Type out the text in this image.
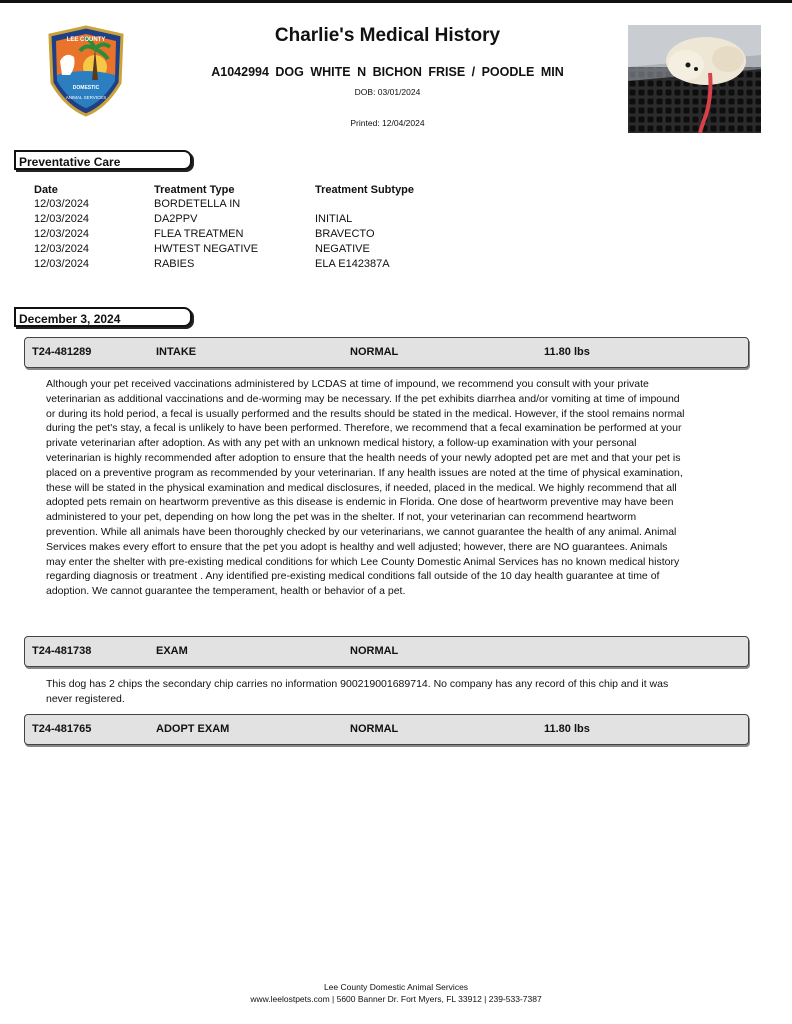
LEE COUNTY
DOMESTIC
ANIMAL SERVICES
Charlie's Medical History
A1042994 DOG WHITE N BICHON FRISE / POODLE MIN
DOB: 03/01/2024
Printed: 12/04/2024
Preventative Care
Date	Treatment Type	Treatment Subtype
12/03/2024	BORDETELLA IN
12/03/2024	DA2PPV	INITIAL
12/03/2024	FLEA TREATMEN	BRAVECTO
12/03/2024	HWTEST NEGATIVE	NEGATIVE
12/03/2024	RABIES	ELA E142387A
December 3, 2024
T24-481289	INTAKE	NORMAL	11.80 lbs
Although your pet received vaccinations administered by LCDAS at time of impound, we recommend you consult with your private veterinarian as additional vaccinations and de-worming may be necessary. If the pet exhibits diarrhea and/or vomiting at time of impound or during its hold period, a fecal is usually performed and the results should be stated in the medical. However, if the stool remains normal during the pet's stay, a fecal is unlikely to have been performed. Therefore, we recommend that a fecal examination be performed at your private veterinarian after adoption. As with any pet with an unknown medical history, a follow-up examination with your personal veterinarian is highly recommended after adoption to ensure that the health needs of your newly adopted pet are met and that your pet is placed on a preventive program as recommended by your veterinarian. If any health issues are noted at the time of physical examination, these will be stated in the physical examination and medical disclosures, if needed, placed in the medical. We highly recommend that all adopted pets remain on heartworm preventive as this disease is endemic in Florida. One dose of heartworm preventive may have been administered to your pet, depending on how long the pet was in the shelter. If not, your veterinarian can recommend heartworm prevention. While all animals have been thoroughly checked by our veterinarians, we cannot guarantee the health of any animal. Animal Services makes every effort to ensure that the pet you adopt is healthy and well adjusted; however, there are NO guarantees. Animals may enter the shelter with pre-existing medical conditions for which Lee County Domestic Animal Services has no known medical history regarding diagnosis or treatment . Any identified pre-existing medical conditions fall outside of the 10 day health guarantee at time of adoption. We cannot guarantee the temperament, health or behavior of a pet.
T24-481738	EXAM	NORMAL
This dog has 2 chips the secondary chip carries no information 900219001689714. No company has any record of this chip and it was never registered.
T24-481765	ADOPT EXAM	NORMAL	11.80 lbs
Lee County Domestic Animal Services
www.leelostpets.com | 5600 Banner Dr. Fort Myers, FL 33912 | 239-533-7387
